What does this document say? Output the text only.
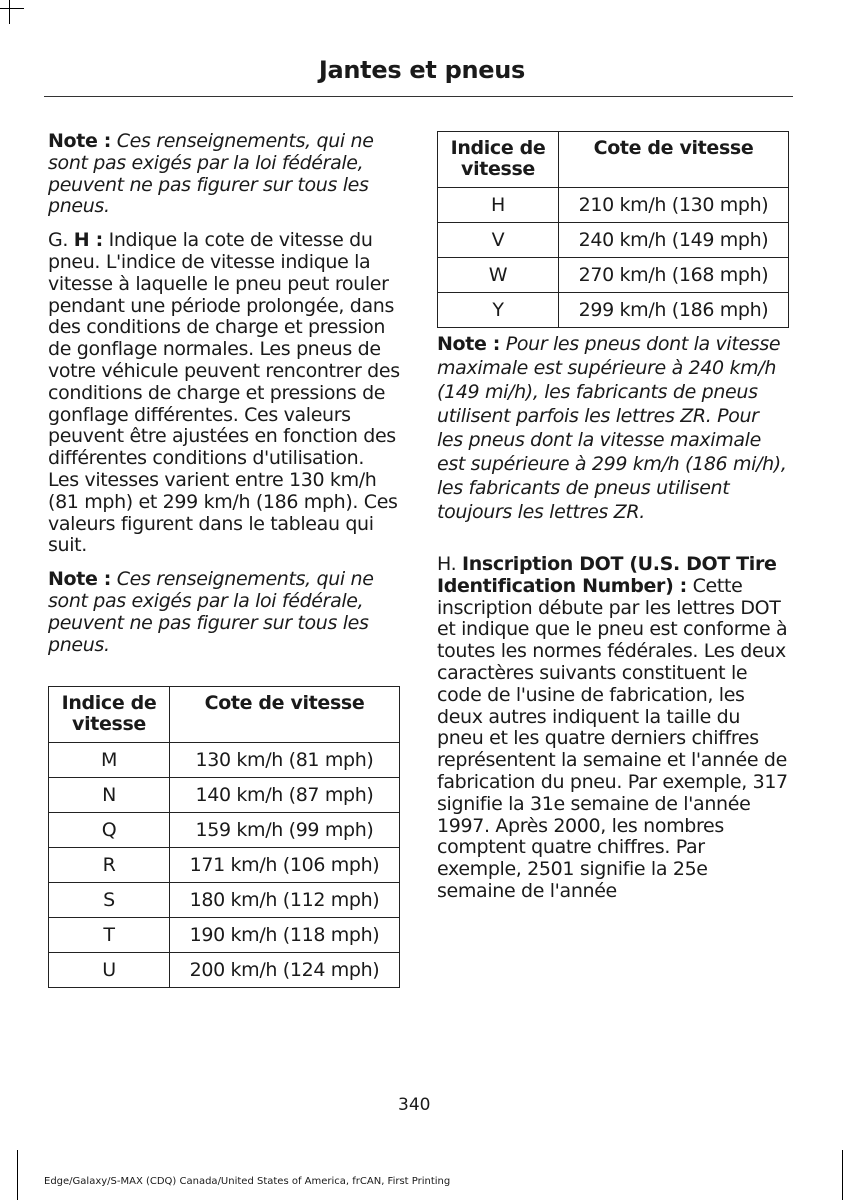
Jantes et pneus

Note : Ces renseignements, qui ne sont pas exigés par la loi fédérale, peuvent ne pas figurer sur tous les pneus.

G. H : Indique la cote de vitesse du pneu. L'indice de vitesse indique la vitesse à laquelle le pneu peut rouler pendant une période prolongée, dans des conditions de charge et pression de gonflage normales. Les pneus de votre véhicule peuvent rencontrer des conditions de charge et pressions de gonflage différentes. Ces valeurs peuvent être ajustées en fonction des différentes conditions d'utilisation. Les vitesses varient entre 130 km/h (81 mph) et 299 km/h (186 mph). Ces valeurs figurent dans le tableau qui suit.

Note : Ces renseignements, qui ne sont pas exigés par la loi fédérale, peuvent ne pas figurer sur tous les pneus.

Indice de
vitesse	Cote de vitesse
M	130 km/h (81 mph)
N	140 km/h (87 mph)
Q	159 km/h (99 mph)
R	171 km/h (106 mph)
S	180 km/h (112 mph)
T	190 km/h (118 mph)
U	200 km/h (124 mph)
Indice de
vitesse	Cote de vitesse
H	210 km/h (130 mph)
V	240 km/h (149 mph)
W	270 km/h (168 mph)
Y	299 km/h (186 mph)

Note : Pour les pneus dont la vitesse maximale est supérieure à 240 km/h (149 mi/h), les fabricants de pneus utilisent parfois les lettres ZR. Pour les pneus dont la vitesse maximale est supérieure à 299 km/h (186 mi/h), les fabricants de pneus utilisent toujours les lettres ZR.

H. Inscription DOT (U.S. DOT Tire Identification Number) : Cette inscription débute par les lettres DOT et indique que le pneu est conforme à toutes les normes fédérales. Les deux caractères suivants constituent le code de l'usine de fabrication, les deux autres indiquent la taille du pneu et les quatre derniers chiffres représentent la semaine et l'année de fabrication du pneu. Par exemple, 317 signifie la 31e semaine de l'année 1997. Après 2000, les nombres comptent quatre chiffres. Par exemple, 2501 signifie la 25e semaine de l'année

340
Edge/Galaxy/S-MAX (CDQ) Canada/United States of America, frCAN, First Printing
